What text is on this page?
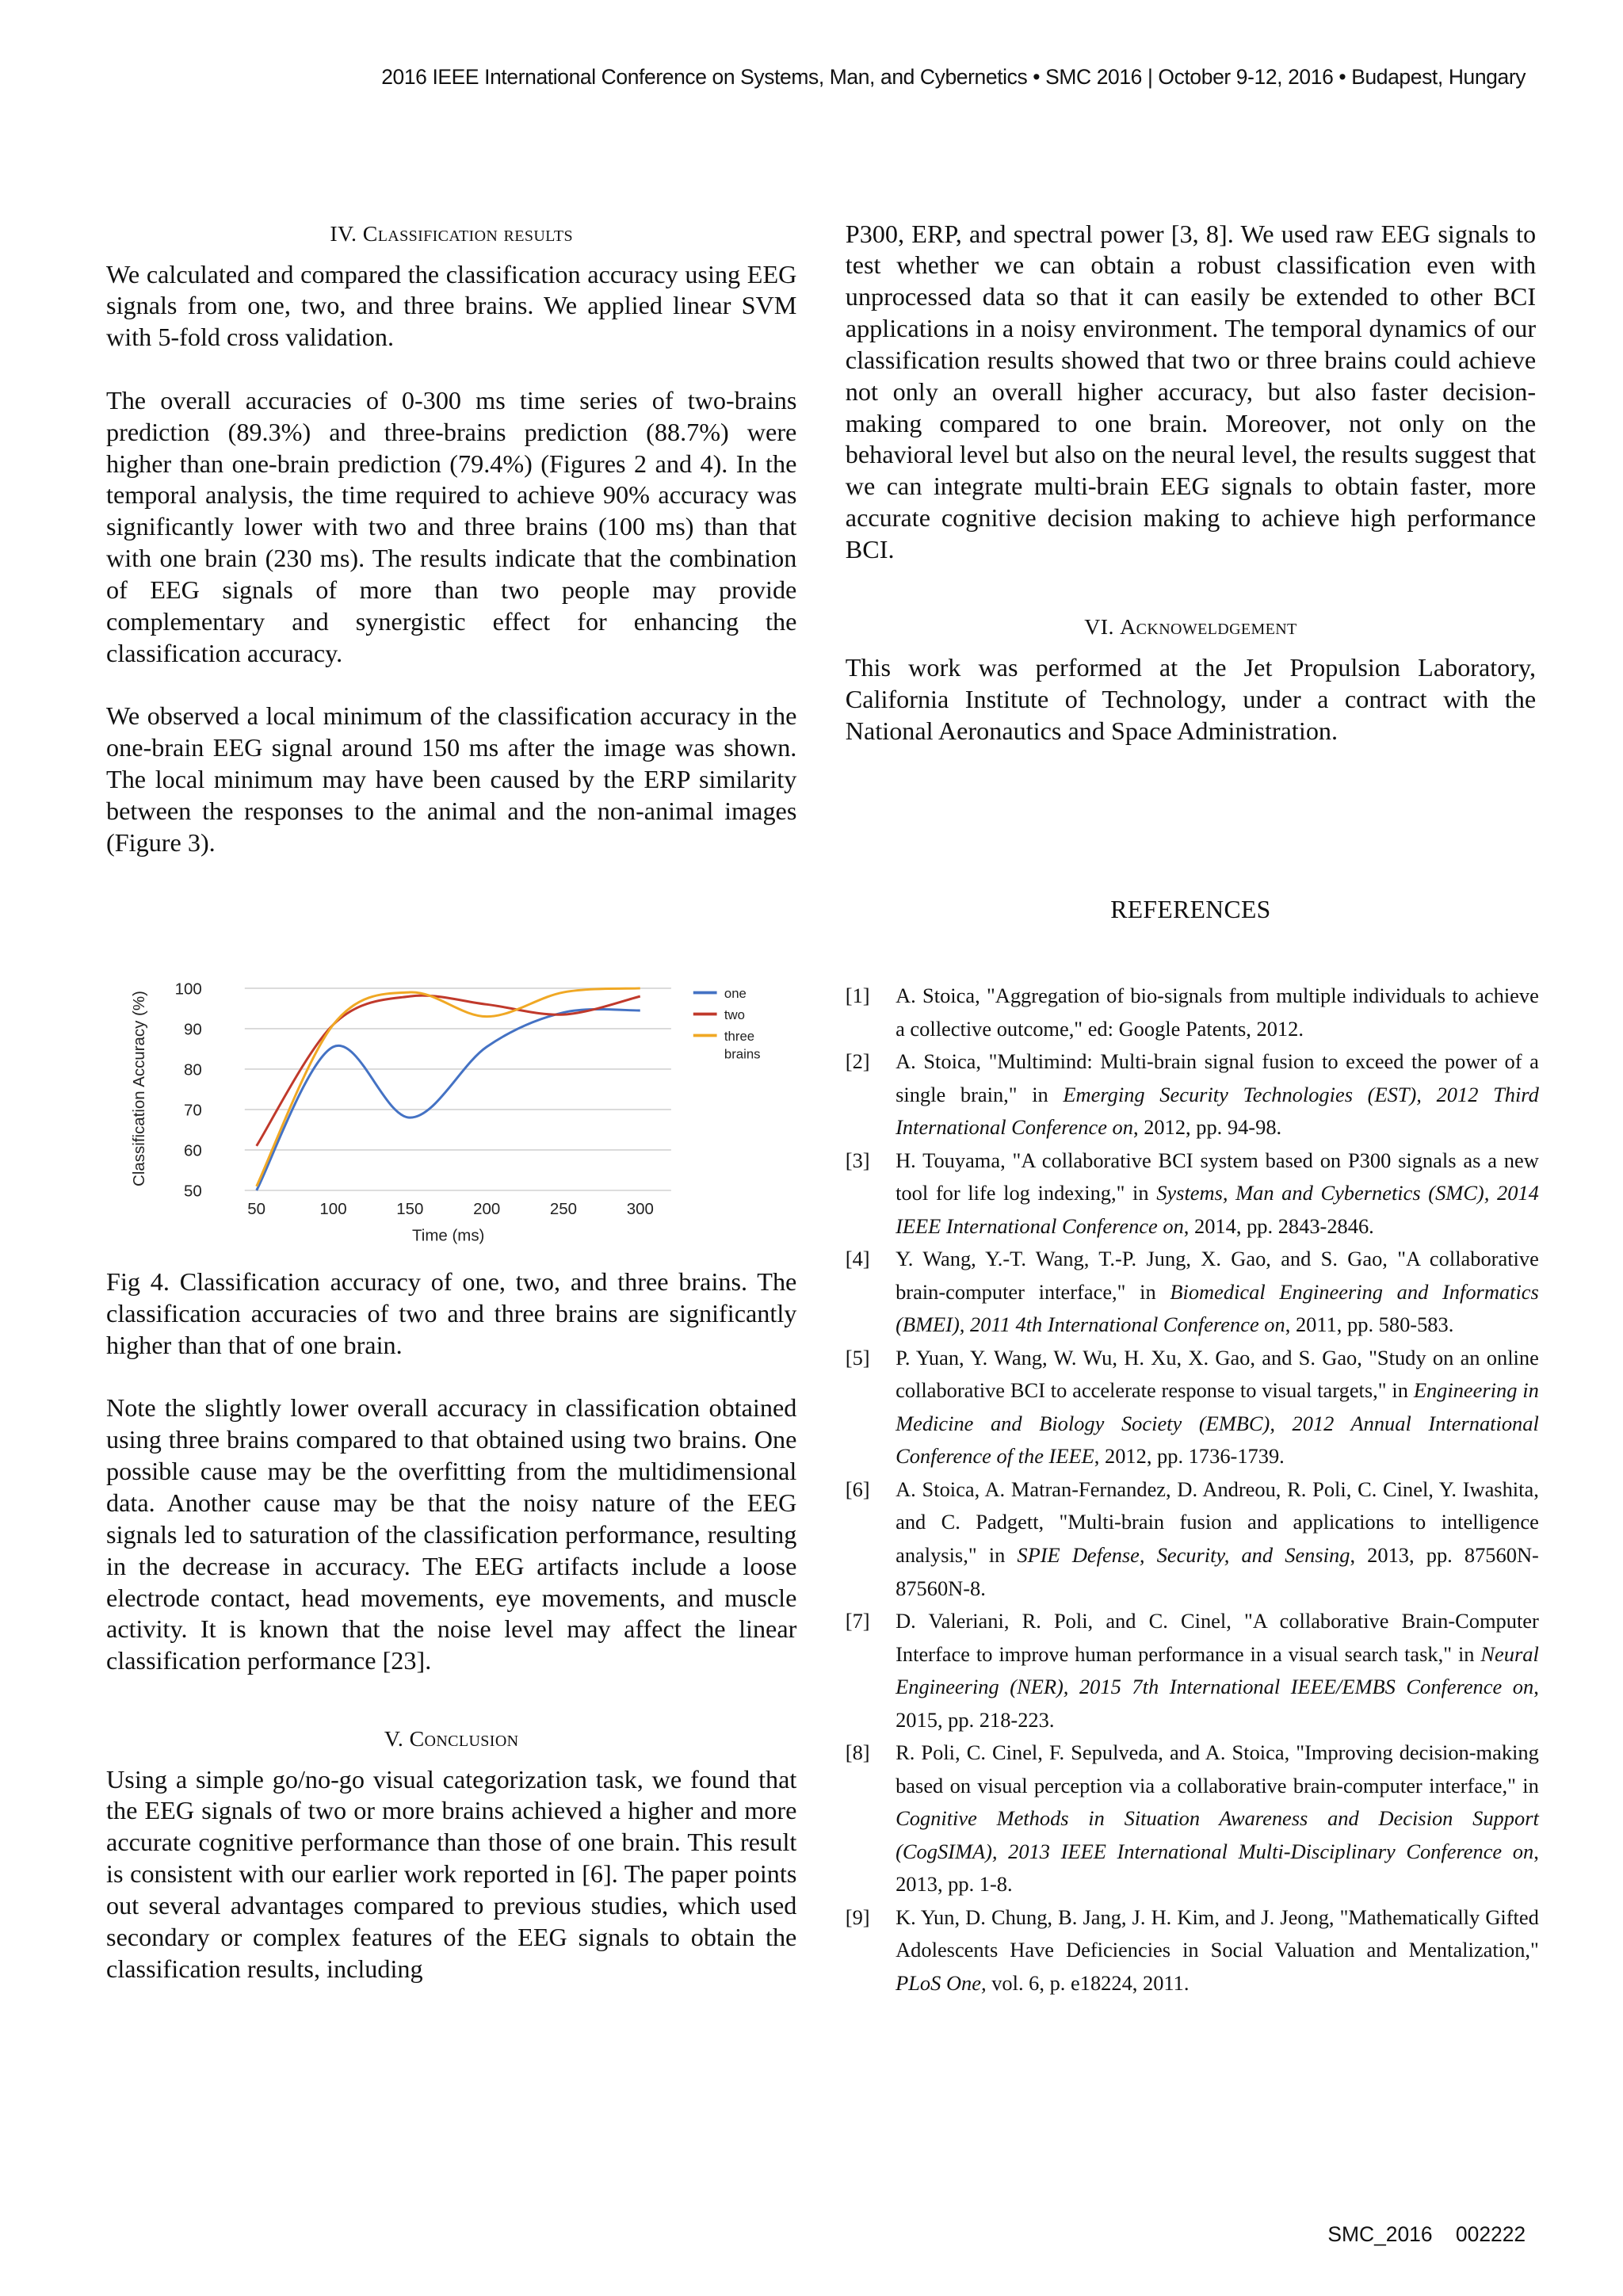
2016 IEEE International Conference on Systems, Man, and Cybernetics • SMC 2016 | October 9-12, 2016 • Budapest, Hungary
IV. Classification results

We calculated and compared the classification accuracy using EEG signals from one, two, and three brains. We applied linear SVM with 5-fold cross validation.

The overall accuracies of 0-300 ms time series of two-brains prediction (89.3%) and three-brains prediction (88.7%) were higher than one-brain prediction (79.4%) (Figures 2 and 4). In the temporal analysis, the time required to achieve 90% accuracy was significantly lower with two and three brains (100 ms) than that with one brain (230 ms). The results indicate that the combination of EEG signals of more than two people may provide complementary and synergistic effect for enhancing the classification accuracy.

We observed a local minimum of the classification accuracy in the one-brain EEG signal around 150 ms after the image was shown. The local minimum may have been caused by the ERP similarity between the responses to the animal and the non-animal images (Figure 3).

Fig 4. Classification accuracy of one, two, and three brains. The classification accuracies of two and three brains are significantly higher than that of one brain.

Note the slightly lower overall accuracy in classification obtained using three brains compared to that obtained using two brains. One possible cause may be the overfitting from the multidimensional data. Another cause may be that the noisy nature of the EEG signals led to saturation of the classification performance, resulting in the decrease in accuracy. The EEG artifacts include a loose electrode contact, head movements, eye movements, and muscle activity. It is known that the noise level may affect the linear classification performance [23].

V. Conclusion

Using a simple go/no-go visual categorization task, we found that the EEG signals of two or more brains achieved a higher and more accurate cognitive performance than those of one brain. This result is consistent with our earlier work reported in [6]. The paper points out several advantages compared to previous studies, which used secondary or complex features of the EEG signals to obtain the classification results, including

50
60
70
80
90
100
50	100	150	200	250	300
Time (ms)
Classification Accuracy (%)	one
two
three brains

P300, ERP, and spectral power [3, 8]. We used raw EEG signals to test whether we can obtain a robust classification even with unprocessed data so that it can easily be extended to other BCI applications in a noisy environment. The temporal dynamics of our classification results showed that two or three brains could achieve not only an overall higher accuracy, but also faster decision-making compared to one brain. Moreover, not only on the behavioral level but also on the neural level, the results suggest that we can integrate multi-brain EEG signals to obtain faster, more accurate cognitive decision making to achieve high performance BCI.

VI. Acknoweldgement

This work was performed at the Jet Propulsion Laboratory, California Institute of Technology, under a contract with the National Aeronautics and Space Administration.

REFERENCES
[1]	A. Stoica, "Aggregation of bio-signals from multiple individuals to achieve a collective outcome," ed: Google Patents, 2012.
[2]	A. Stoica, "Multimind: Multi-brain signal fusion to exceed the power of a single brain," in Emerging Security Technologies (EST), 2012 Third International Conference on, 2012, pp. 94-98.
[3]	H. Touyama, "A collaborative BCI system based on P300 signals as a new tool for life log indexing," in Systems, Man and Cybernetics (SMC), 2014 IEEE International Conference on, 2014, pp. 2843-2846.
[4]	Y. Wang, Y.-T. Wang, T.-P. Jung, X. Gao, and S. Gao, "A collaborative brain-computer interface," in Biomedical Engineering and Informatics (BMEI), 2011 4th International Conference on, 2011, pp. 580-583.
[5]	P. Yuan, Y. Wang, W. Wu, H. Xu, X. Gao, and S. Gao, "Study on an online collaborative BCI to accelerate response to visual targets," in Engineering in Medicine and Biology Society (EMBC), 2012 Annual International Conference of the IEEE, 2012, pp. 1736-1739.
[6]	A. Stoica, A. Matran-Fernandez, D. Andreou, R. Poli, C. Cinel, Y. Iwashita, and C. Padgett, "Multi-brain fusion and applications to intelligence analysis," in SPIE Defense, Security, and Sensing, 2013, pp. 87560N-87560N-8.
[7]	D. Valeriani, R. Poli, and C. Cinel, "A collaborative Brain-Computer Interface to improve human performance in a visual search task," in Neural Engineering (NER), 2015 7th International IEEE/EMBS Conference on, 2015, pp. 218-223.
[8]	R. Poli, C. Cinel, F. Sepulveda, and A. Stoica, "Improving decision-making based on visual perception via a collaborative brain-computer interface," in Cognitive Methods in Situation Awareness and Decision Support (CogSIMA), 2013 IEEE International Multi-Disciplinary Conference on, 2013, pp. 1-8.
[9]	K. Yun, D. Chung, B. Jang, J. H. Kim, and J. Jeong, "Mathematically Gifted Adolescents Have Deficiencies in Social Valuation and Mentalization," PLoS One, vol. 6, p. e18224, 2011.
SMC_2016    002222
